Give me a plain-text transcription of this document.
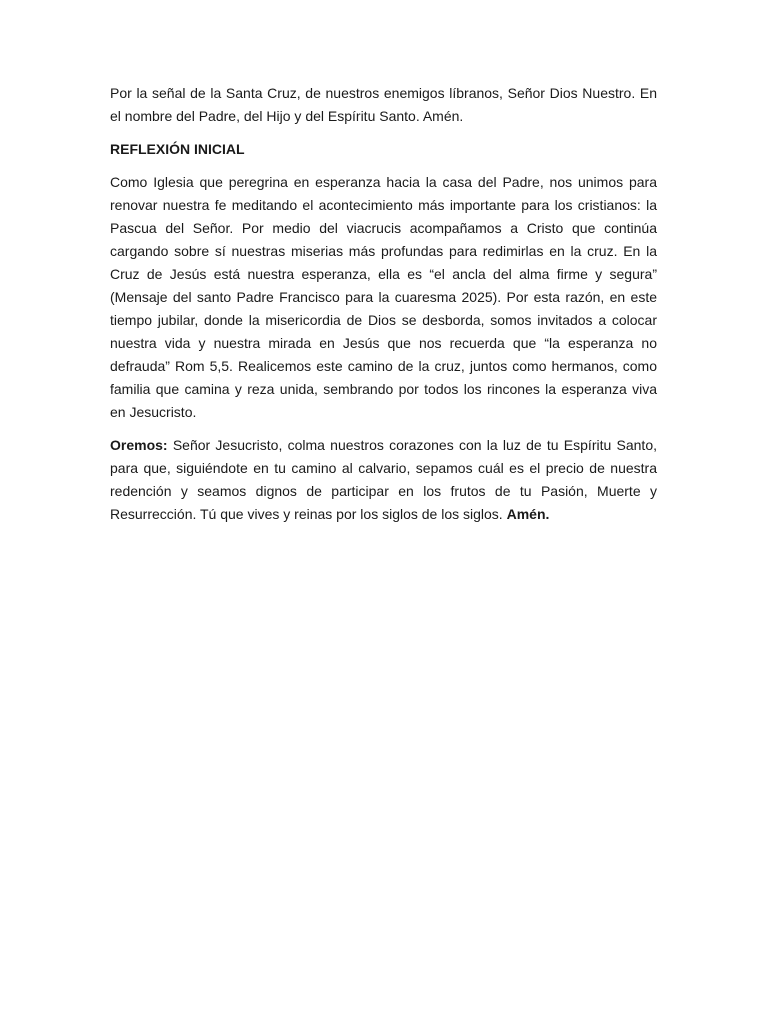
Por la señal de la Santa Cruz, de nuestros enemigos líbranos, Señor Dios Nuestro. En el nombre del Padre, del Hijo y del Espíritu Santo. Amén.

REFLEXIÓN INICIAL

Como Iglesia que peregrina en esperanza hacia la casa del Padre, nos unimos para renovar nuestra fe meditando el acontecimiento más importante para los cristianos: la Pascua del Señor. Por medio del viacrucis acompañamos a Cristo que continúa cargando sobre sí nuestras miserias más profundas para redimirlas en la cruz. En la Cruz de Jesús está nuestra esperanza, ella es “el ancla del alma firme y segura” (Mensaje del santo Padre Francisco para la cuaresma 2025). Por esta razón, en este tiempo jubilar, donde la misericordia de Dios se desborda, somos invitados a colocar nuestra vida y nuestra mirada en Jesús que nos recuerda que “la esperanza no defrauda” Rom 5,5. Realicemos este camino de la cruz, juntos como hermanos, como familia que camina y reza unida, sembrando por todos los rincones la esperanza viva en Jesucristo.

Oremos: Señor Jesucristo, colma nuestros corazones con la luz de tu Espíritu Santo, para que, siguiéndote en tu camino al calvario, sepamos cuál es el precio de nuestra redención y seamos dignos de participar en los frutos de tu Pasión, Muerte y Resurrección. Tú que vives y reinas por los siglos de los siglos. Amén.
